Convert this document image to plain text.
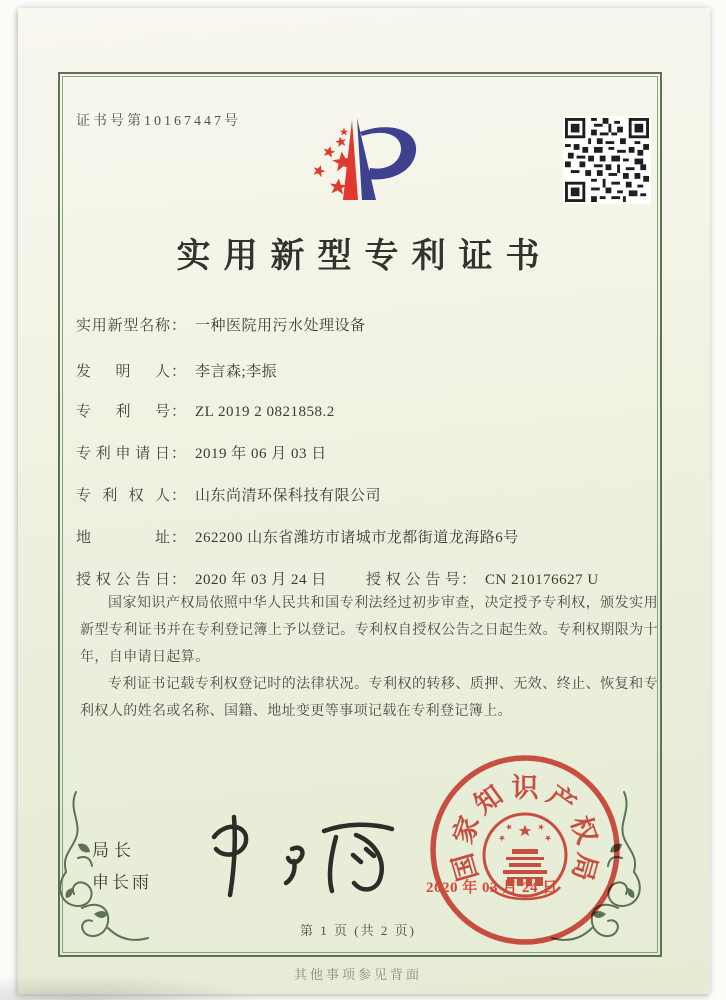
证书号第10167447号
实用新型专利证书
实用新型名称： 一种医院用污水处理设备
发明人： 李言森;李振
专利号： ZL 2019 2 0821858.2
专利申请日： 2019 年 06 月 03 日
专利权人： 山东尚清环保科技有限公司
地址： 262200 山东省潍坊市诸城市龙都街道龙海路6号
授权公告日： 2020 年 03 月 24 日	授权公告号： CN 210176627 U

国家知识产权局依照中华人民共和国专利法经过初步审查，决定授予专利权，颁发实用新型专利证书并在专利登记簿上予以登记。专利权自授权公告之日起生效。专利权期限为十年，自申请日起算。

专利证书记载专利权登记时的法律状况。专利权的转移、质押、无效、终止、恢复和专利权人的姓名或名称、国籍、地址变更等事项记载在专利登记簿上。

局长
申长雨	国
家
知 识 产
权
局
2020 年 03 月 24 日
第 1 页 (共 2 页)
其他事项参见背面
